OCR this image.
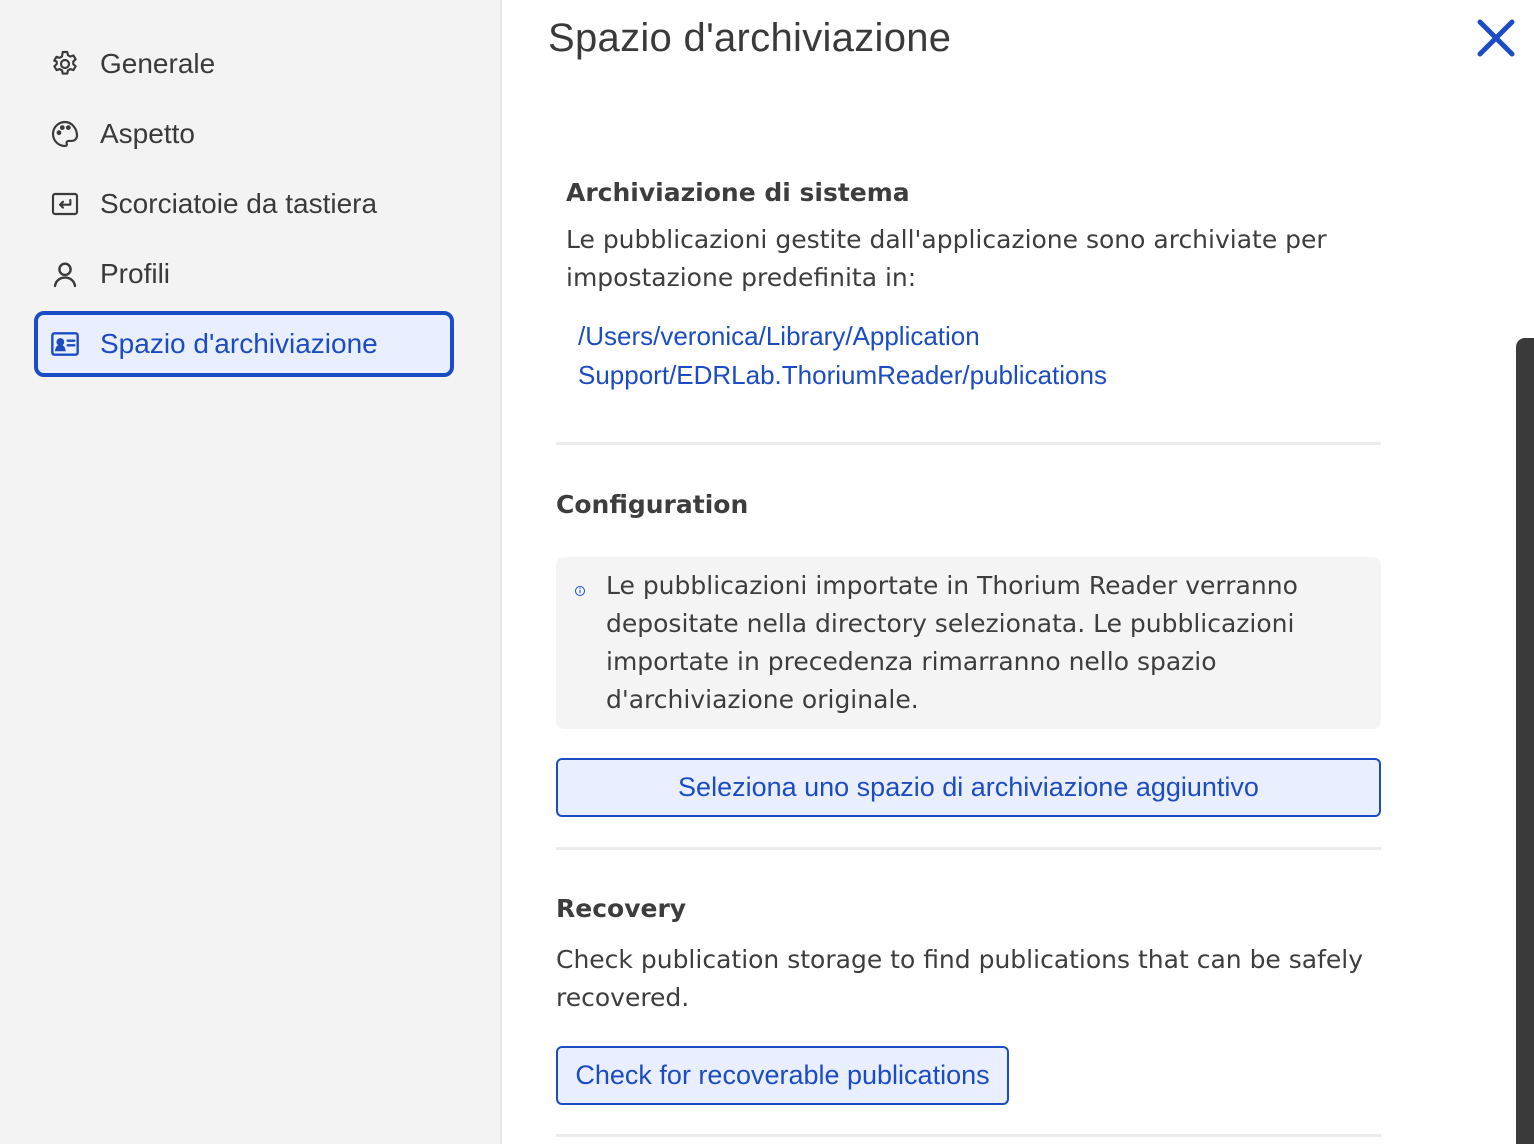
Generale
Aspetto
Scorciatoie da tastiera
Profili
Spazio d'archiviazione
Spazio d'archiviazione
Archiviazione di sistema
Le pubblicazioni gestite dall'applicazione sono archiviate per impostazione predefinita in:
/Users/veronica/Library/Application
Support/EDRLab.ThoriumReader/publications
Configuration
Le pubblicazioni importate in Thorium Reader verranno depositate nella directory selezionata. Le pubblicazioni importate in precedenza rimarranno nello spazio d'archiviazione originale.
Seleziona uno spazio di archiviazione aggiuntivo
Recovery
Check publication storage to find publications that can be safely recovered.
Check for recoverable publications
